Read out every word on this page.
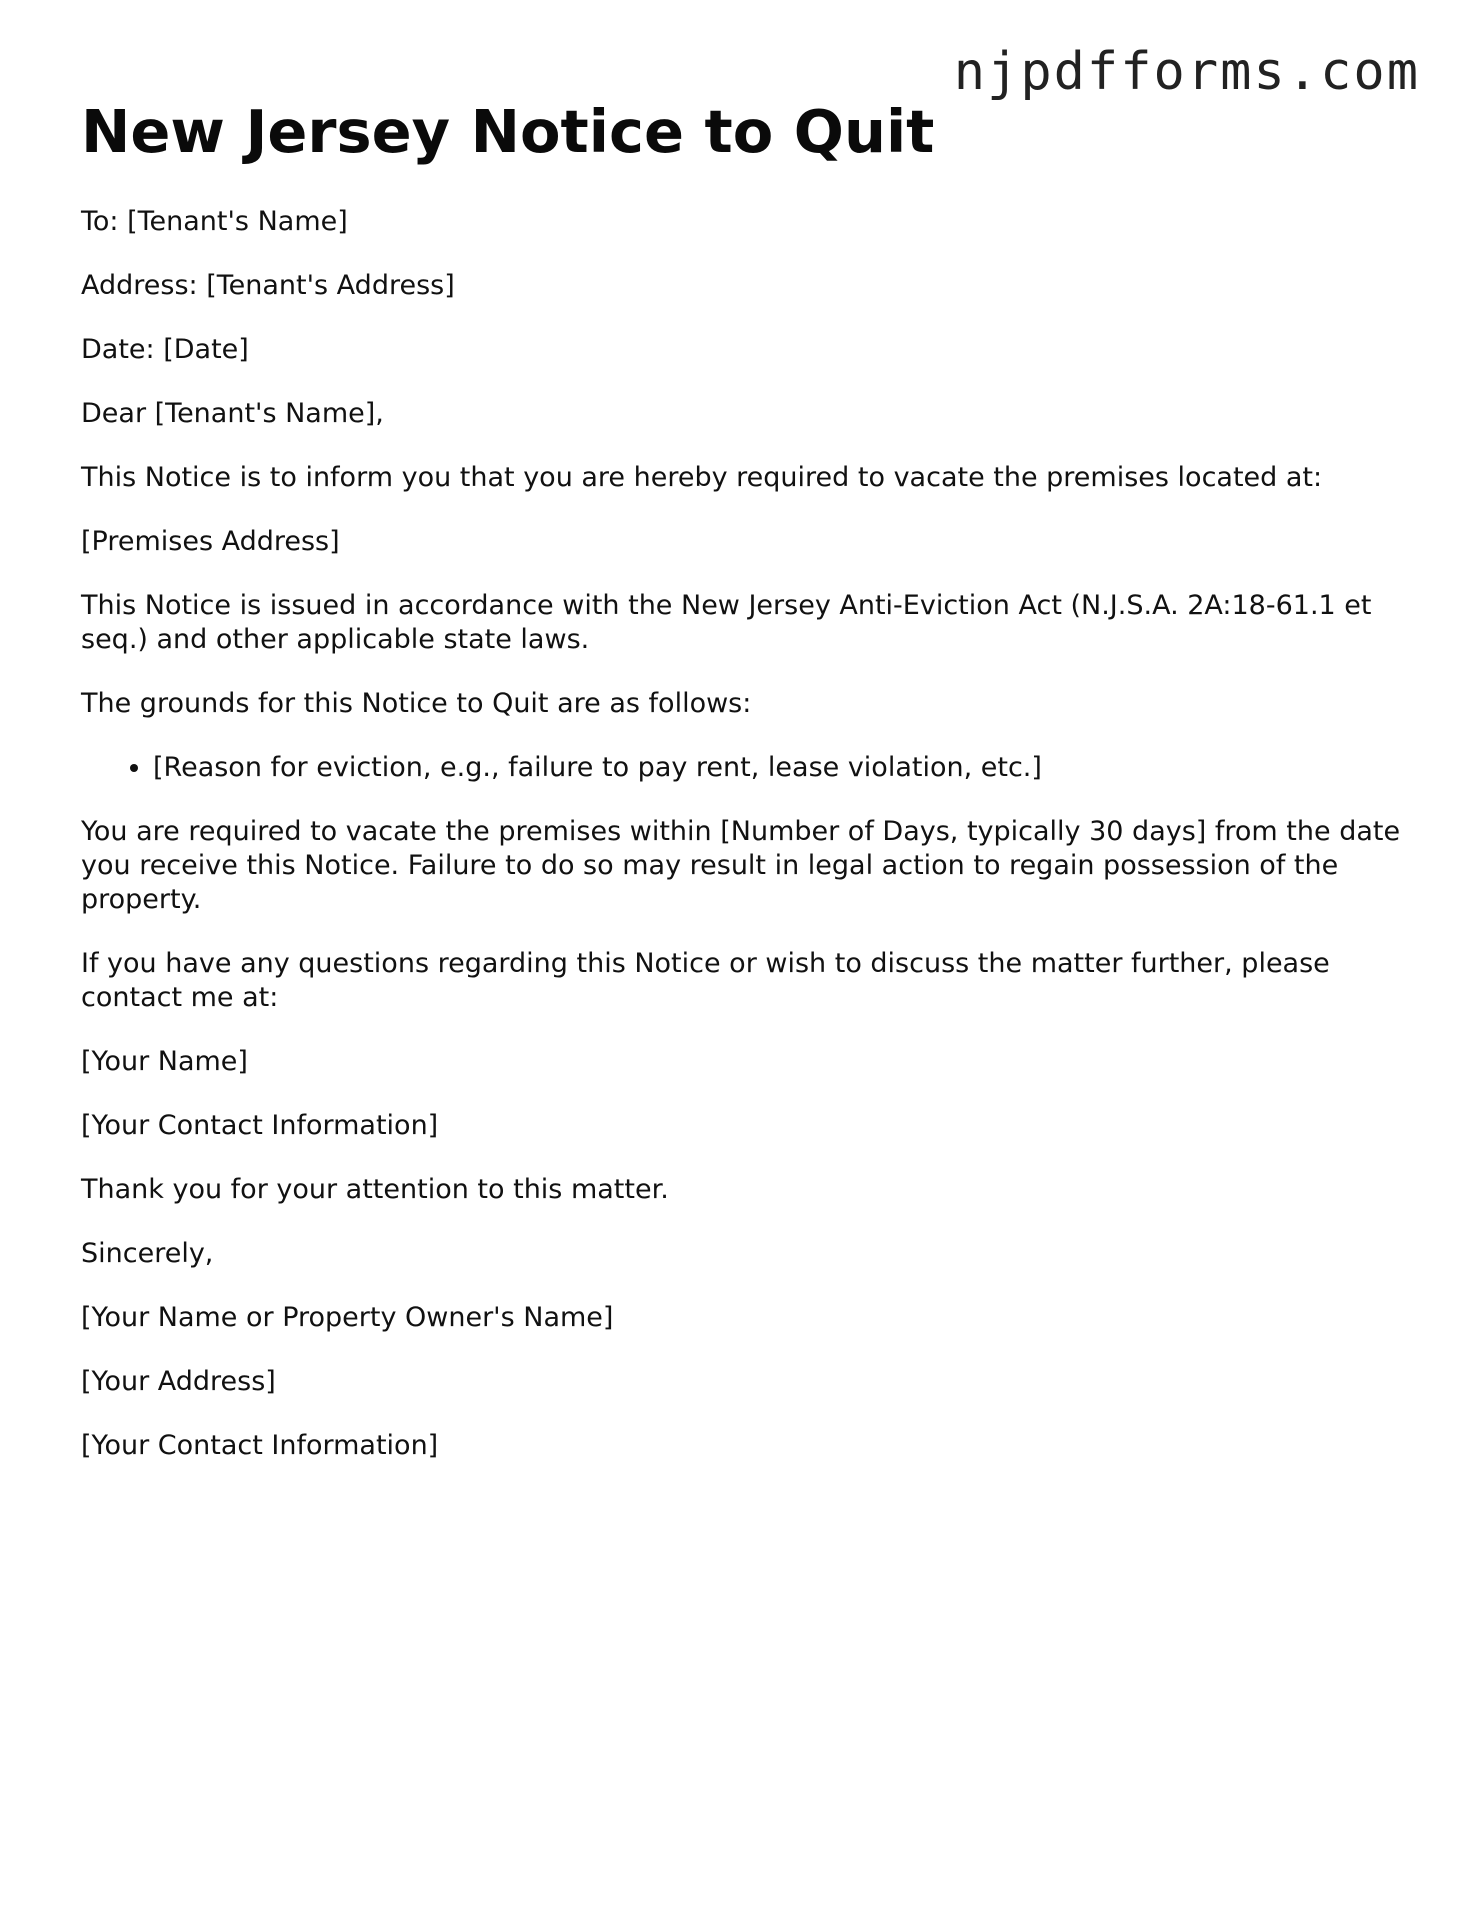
njpdfforms.com
New Jersey Notice to Quit

To: [Tenant's Name]

Address: [Tenant's Address]

Date: [Date]

Dear [Tenant's Name],

This Notice is to inform you that you are hereby required to vacate the premises located at:

[Premises Address]

This Notice is issued in accordance with the New Jersey Anti-Eviction Act (N.J.S.A. 2A:18-61.1 et seq.) and other applicable state laws.

The grounds for this Notice to Quit are as follows:

• [Reason for eviction, e.g., failure to pay rent, lease violation, etc.]

You are required to vacate the premises within [Number of Days, typically 30 days] from the date you receive this Notice. Failure to do so may result in legal action to regain possession of the property.

If you have any questions regarding this Notice or wish to discuss the matter further, please contact me at:

[Your Name]

[Your Contact Information]

Thank you for your attention to this matter.

Sincerely,

[Your Name or Property Owner's Name]

[Your Address]

[Your Contact Information]
